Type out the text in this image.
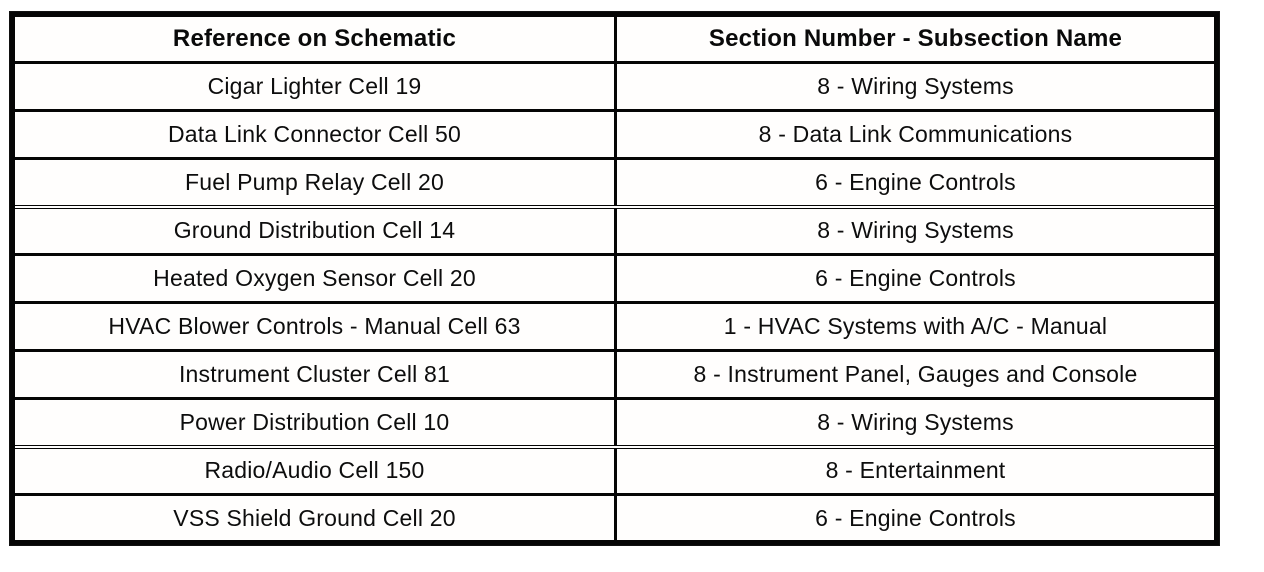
Reference on Schematic	Section Number - Subsection Name
Cigar Lighter Cell 19	8 - Wiring Systems
Data Link Connector Cell 50	8 - Data Link Communications
Fuel Pump Relay Cell 20	6 - Engine Controls
Ground Distribution Cell 14	8 - Wiring Systems
Heated Oxygen Sensor Cell 20	6 - Engine Controls
HVAC Blower Controls - Manual Cell 63	1 - HVAC Systems with A/C - Manual
Instrument Cluster Cell 81	8 - Instrument Panel, Gauges and Console
Power Distribution Cell 10	8 - Wiring Systems
Radio/Audio Cell 150	8 - Entertainment
VSS Shield Ground Cell 20	6 - Engine Controls
